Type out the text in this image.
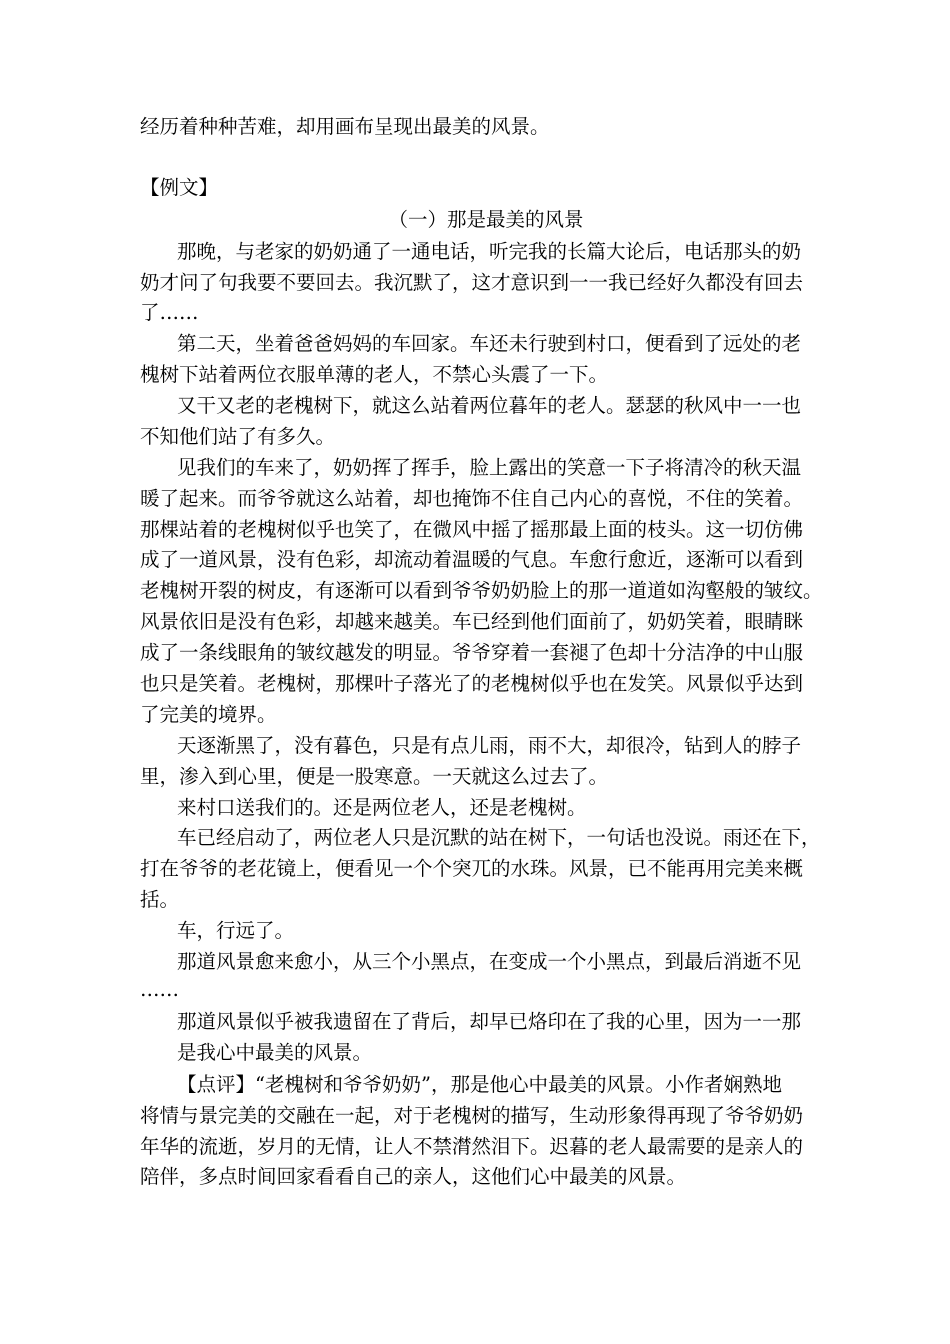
经历着种种苦难，却用画布呈现出最美的风景。
【例文】
（一）那是最美的风景
那晚，与老家的奶奶通了一通电话，听完我的长篇大论后，电话那头的奶
奶才问了句我要不要回去。我沉默了，这才意识到一一我已经好久都没有回去
了……
第二天，坐着爸爸妈妈的车回家。车还未行驶到村口，便看到了远处的老
槐树下站着两位衣服单薄的老人，不禁心头震了一下。
又干又老的老槐树下，就这么站着两位暮年的老人。瑟瑟的秋风中一一也
不知他们站了有多久。
见我们的车来了，奶奶挥了挥手，脸上露出的笑意一下子将清冷的秋天温
暖了起来。而爷爷就这么站着，却也掩饰不住自己内心的喜悦，不住的笑着。
那棵站着的老槐树似乎也笑了，在微风中摇了摇那最上面的枝头。这一切仿佛
成了一道风景，没有色彩，却流动着温暖的气息。车愈行愈近，逐渐可以看到
老槐树开裂的树皮，有逐渐可以看到爷爷奶奶脸上的那一道道如沟壑般的皱纹。
风景依旧是没有色彩，却越来越美。车已经到他们面前了，奶奶笑着，眼睛眯
成了一条线眼角的皱纹越发的明显。爷爷穿着一套褪了色却十分洁净的中山服
也只是笑着。老槐树，那棵叶子落光了的老槐树似乎也在发笑。风景似乎达到
了完美的境界。
天逐渐黑了，没有暮色，只是有点儿雨，雨不大，却很冷，钻到人的脖子
里，渗入到心里，便是一股寒意。一天就这么过去了。
来村口送我们的。还是两位老人，还是老槐树。
车已经启动了，两位老人只是沉默的站在树下，一句话也没说。雨还在下，
打在爷爷的老花镜上，便看见一个个突兀的水珠。风景，已不能再用完美来概
括。
车，行远了。
那道风景愈来愈小，从三个小黑点，在变成一个小黑点，到最后消逝不见
……
那道风景似乎被我遗留在了背后，却早已烙印在了我的心里，因为一一那
是我心中最美的风景。
【点评】“老槐树和爷爷奶奶”，那是他心中最美的风景。小作者娴熟地
将情与景完美的交融在一起，对于老槐树的描写，生动形象得再现了爷爷奶奶
年华的流逝，岁月的无情，让人不禁潸然泪下。迟暮的老人最需要的是亲人的
陪伴，多点时间回家看看自己的亲人，这他们心中最美的风景。
